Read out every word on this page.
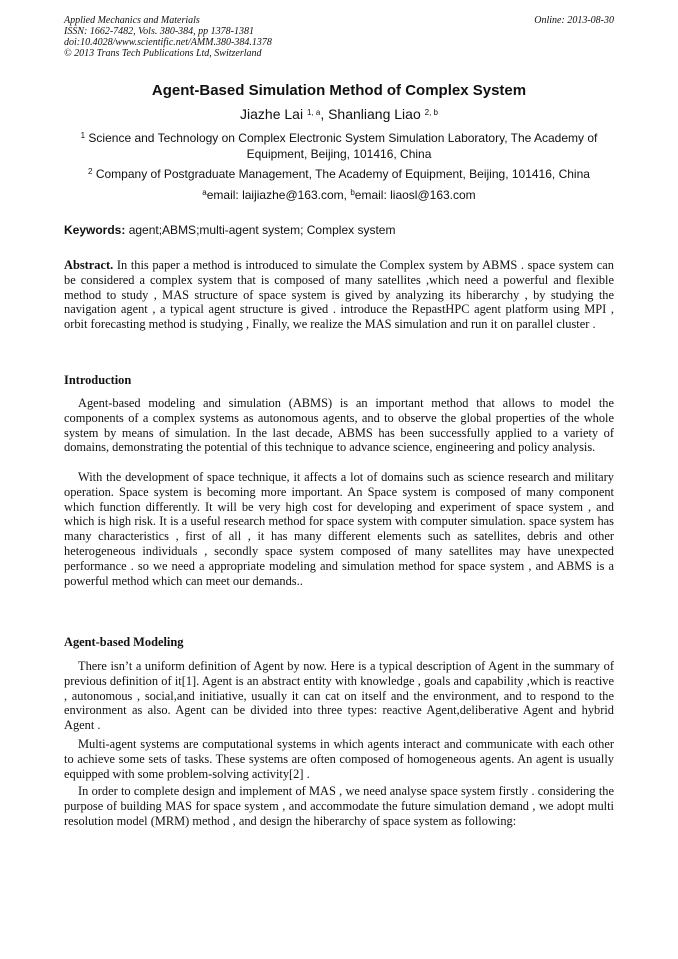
Applied Mechanics and Materials
ISSN: 1662-7482, Vols. 380-384, pp 1378-1381
doi:10.4028/www.scientific.net/AMM.380-384.1378
© 2013 Trans Tech Publications Ltd, Switzerland
Online: 2013-08-30
Agent-Based Simulation Method of Complex System
Jiazhe Lai $^{1, a}$, Shanliang Liao $^{2, b}$
$^1$ Science and Technology on Complex Electronic System Simulation Laboratory, The Academy of Equipment, Beijing, 101416, China
$^2$ Company of Postgraduate Management, The Academy of Equipment, Beijing, 101416, China
$^a$email: laijiazhe@163.com, $^b$email: liaosl@163.com
Keywords: agent;ABMS;multi-agent system; Complex system
Abstract. In this paper a method is introduced to simulate the Complex system by ABMS . space system can be considered a complex system that is composed of many satellites ,which need a powerful and flexible method to study , MAS structure of space system is gived by analyzing its hiberarchy , by studying the navigation agent , a typical agent structure is gived . introduce the RepastHPC agent platform using MPI , orbit forecasting method is studying , Finally, we realize the MAS simulation and run it on parallel cluster .
Introduction
Agent-based modeling and simulation (ABMS) is an important method that allows to model the components of a complex systems as autonomous agents, and to observe the global properties of the whole system by means of simulation. In the last decade, ABMS has been successfully applied to a variety of domains, demonstrating the potential of this technique to advance science, engineering and policy analysis.
With the development of space technique, it affects a lot of domains such as science research and military operation. Space system is becoming more important. An Space system is composed of many component which function differently. It will be very high cost for developing and experiment of space system , and which is high risk. It is a useful research method for space system with computer simulation. space system has many characteristics , first of all , it has many different elements such as satellites, debris and other heterogeneous individuals , secondly space system composed of many satellites may have unexpected performance . so we need a appropriate modeling and simulation method for space system , and ABMS is a powerful method which can meet our demands..
Agent-based Modeling
There isn’t a uniform definition of Agent by now. Here is a typical description of Agent in the summary of previous definition of it[1]. Agent is an abstract entity with knowledge , goals and capability ,which is reactive , autonomous , social,and initiative, usually it can cat on itself and the environment, and to respond to the environment as also. Agent can be divided into three types: reactive Agent,deliberative Agent and hybrid Agent .
Multi-agent systems are computational systems in which agents interact and communicate with each other to achieve some sets of tasks. These systems are often composed of homogeneous agents. An agent is usually equipped with some problem-solving activity[2] .
In order to complete design and implement of MAS , we need analyse space system firstly . considering the purpose of building MAS for space system , and accommodate the future simulation demand , we adopt multi resolution model (MRM) method , and design the hiberarchy of space system as following:
